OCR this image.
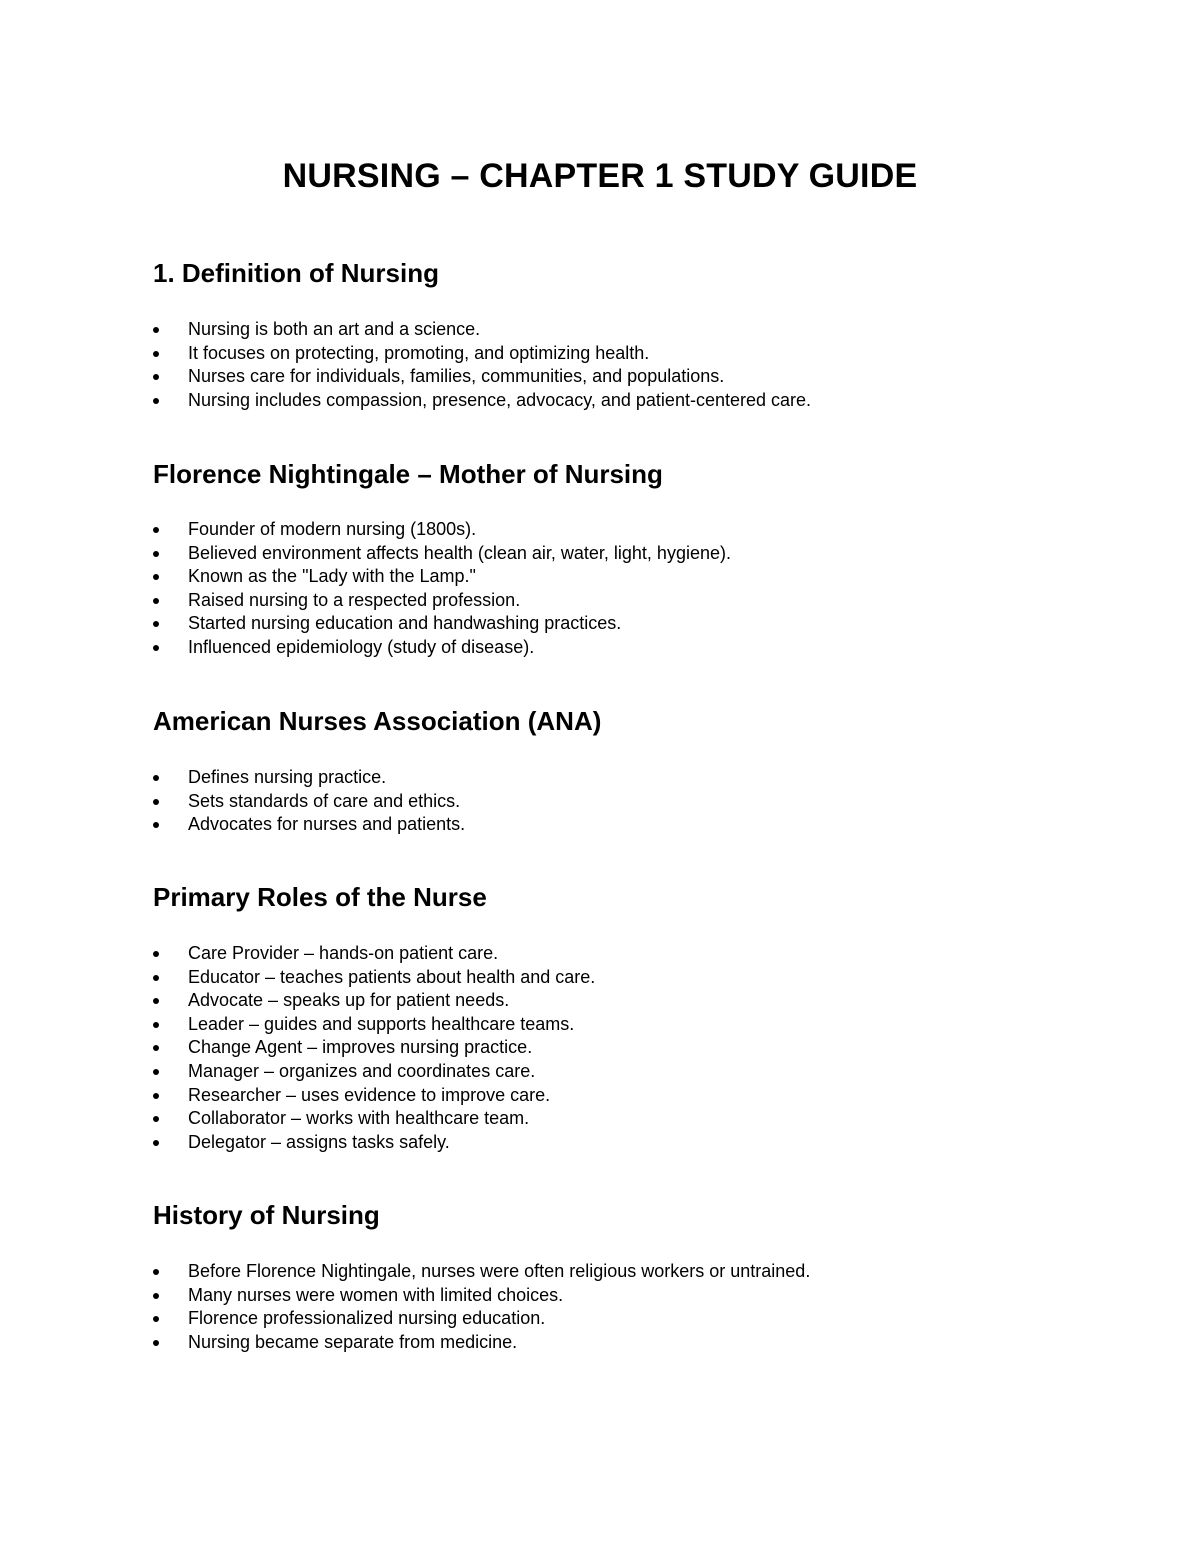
NURSING – CHAPTER 1 STUDY GUIDE
1. Definition of Nursing
Nursing is both an art and a science.
It focuses on protecting, promoting, and optimizing health.
Nurses care for individuals, families, communities, and populations.
Nursing includes compassion, presence, advocacy, and patient-centered care.
Florence Nightingale – Mother of Nursing
Founder of modern nursing (1800s).
Believed environment affects health (clean air, water, light, hygiene).
Known as the "Lady with the Lamp."
Raised nursing to a respected profession.
Started nursing education and handwashing practices.
Influenced epidemiology (study of disease).
American Nurses Association (ANA)
Defines nursing practice.
Sets standards of care and ethics.
Advocates for nurses and patients.
Primary Roles of the Nurse
Care Provider – hands-on patient care.
Educator – teaches patients about health and care.
Advocate – speaks up for patient needs.
Leader – guides and supports healthcare teams.
Change Agent – improves nursing practice.
Manager – organizes and coordinates care.
Researcher – uses evidence to improve care.
Collaborator – works with healthcare team.
Delegator – assigns tasks safely.
History of Nursing
Before Florence Nightingale, nurses were often religious workers or untrained.
Many nurses were women with limited choices.
Florence professionalized nursing education.
Nursing became separate from medicine.
